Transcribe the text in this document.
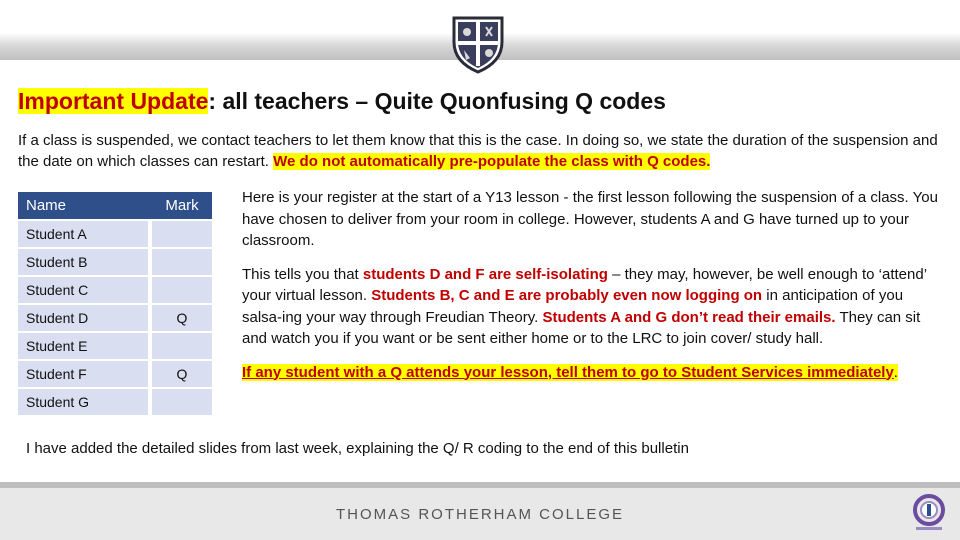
Important Update: all teachers – Quite Quonfusing Q codes
If a class is suspended, we contact teachers to let them know that this is the case. In doing so, we state the duration of the suspension and the date on which classes can restart. We do not automatically pre-populate the class with Q codes.
Name		Mark
Student A		
Student B		
Student C		
Student D		Q
Student E		
Student F		Q
Student G		

Here is your register at the start of a Y13 lesson - the first lesson following the suspension of a class. You have chosen to deliver from your room in college. However, students A and G have turned up to your classroom.

This tells you that students D and F are self-isolating – they may, however, be well enough to ‘attend’ your virtual lesson. Students B, C and E are probably even now logging on in anticipation of you salsa-ing your way through Freudian Theory. Students A and G don’t read their emails. They can sit and watch you if you want or be sent either home or to the LRC to join cover/ study hall.

If any student with a Q attends your lesson, tell them to go to Student Services immediately.

I have added the detailed slides from last week, explaining the Q/ R coding to the end of this bulletin
THOMAS ROTHERHAM COLLEGE
